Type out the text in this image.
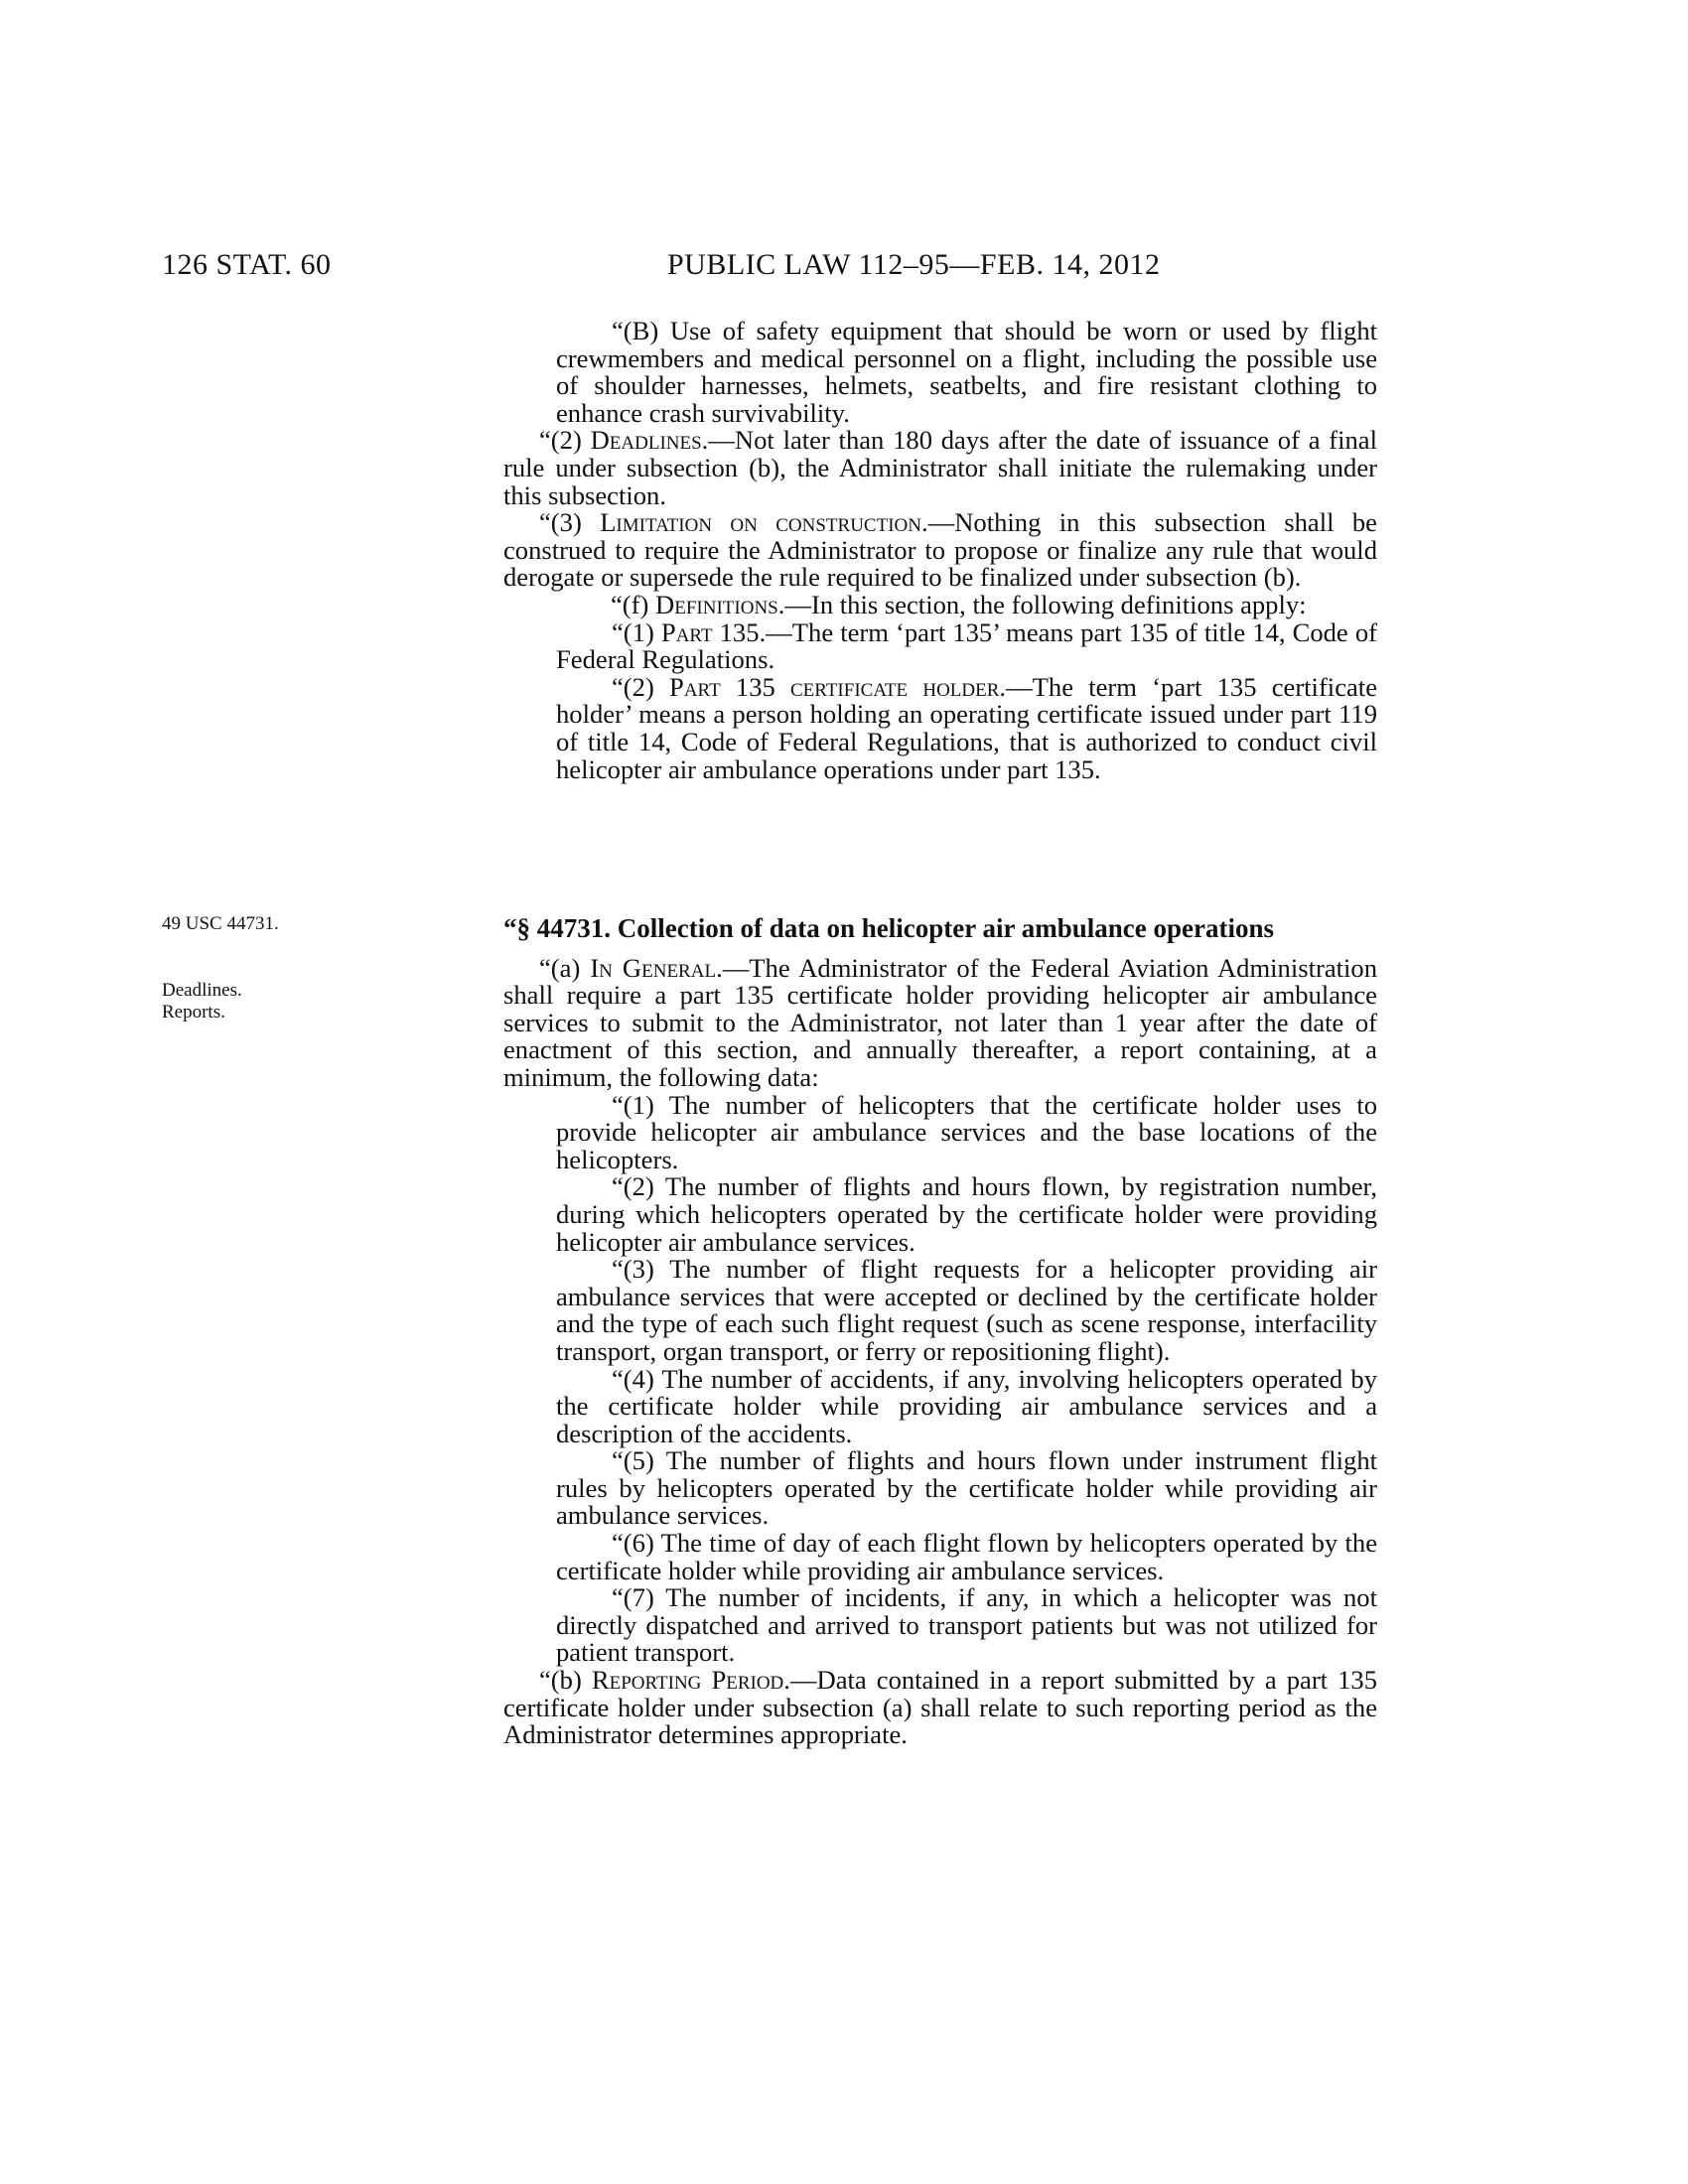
126 STAT. 60	PUBLIC LAW 112–95—FEB. 14, 2012
49 USC 44731.
Deadlines.
Reports.

“(B) Use of safety equipment that should be worn or used by flight crewmembers and medical personnel on a flight, including the possible use of shoulder harnesses, helmets, seatbelts, and fire resistant clothing to enhance crash survivability.

“(2) Deadlines.—Not later than 180 days after the date of issuance of a final rule under subsection (b), the Administrator shall initiate the rulemaking under this subsection.

“(3) Limitation on construction.—Nothing in this subsection shall be construed to require the Administrator to propose or finalize any rule that would derogate or supersede the rule required to be finalized under subsection (b).

“(f) Definitions.—In this section, the following definitions apply:

“(1) Part 135.—The term ‘part 135’ means part 135 of title 14, Code of Federal Regulations.

“(2) Part 135 certificate holder.—The term ‘part 135 certificate holder’ means a person holding an operating certificate issued under part 119 of title 14, Code of Federal Regulations, that is authorized to conduct civil helicopter air ambulance operations under part 135.

“§ 44731. Collection of data on helicopter air ambulance operations

“(a) In General.—The Administrator of the Federal Aviation Administration shall require a part 135 certificate holder providing helicopter air ambulance services to submit to the Administrator, not later than 1 year after the date of enactment of this section, and annually thereafter, a report containing, at a minimum, the following data:

“(1) The number of helicopters that the certificate holder uses to provide helicopter air ambulance services and the base locations of the helicopters.

“(2) The number of flights and hours flown, by registration number, during which helicopters operated by the certificate holder were providing helicopter air ambulance services.

“(3) The number of flight requests for a helicopter providing air ambulance services that were accepted or declined by the certificate holder and the type of each such flight request (such as scene response, interfacility transport, organ transport, or ferry or repositioning flight).

“(4) The number of accidents, if any, involving helicopters operated by the certificate holder while providing air ambulance services and a description of the accidents.

“(5) The number of flights and hours flown under instrument flight rules by helicopters operated by the certificate holder while providing air ambulance services.

“(6) The time of day of each flight flown by helicopters operated by the certificate holder while providing air ambulance services.

“(7) The number of incidents, if any, in which a helicopter was not directly dispatched and arrived to transport patients but was not utilized for patient transport.

“(b) Reporting Period.—Data contained in a report submitted by a part 135 certificate holder under subsection (a) shall relate to such reporting period as the Administrator determines appropriate.
